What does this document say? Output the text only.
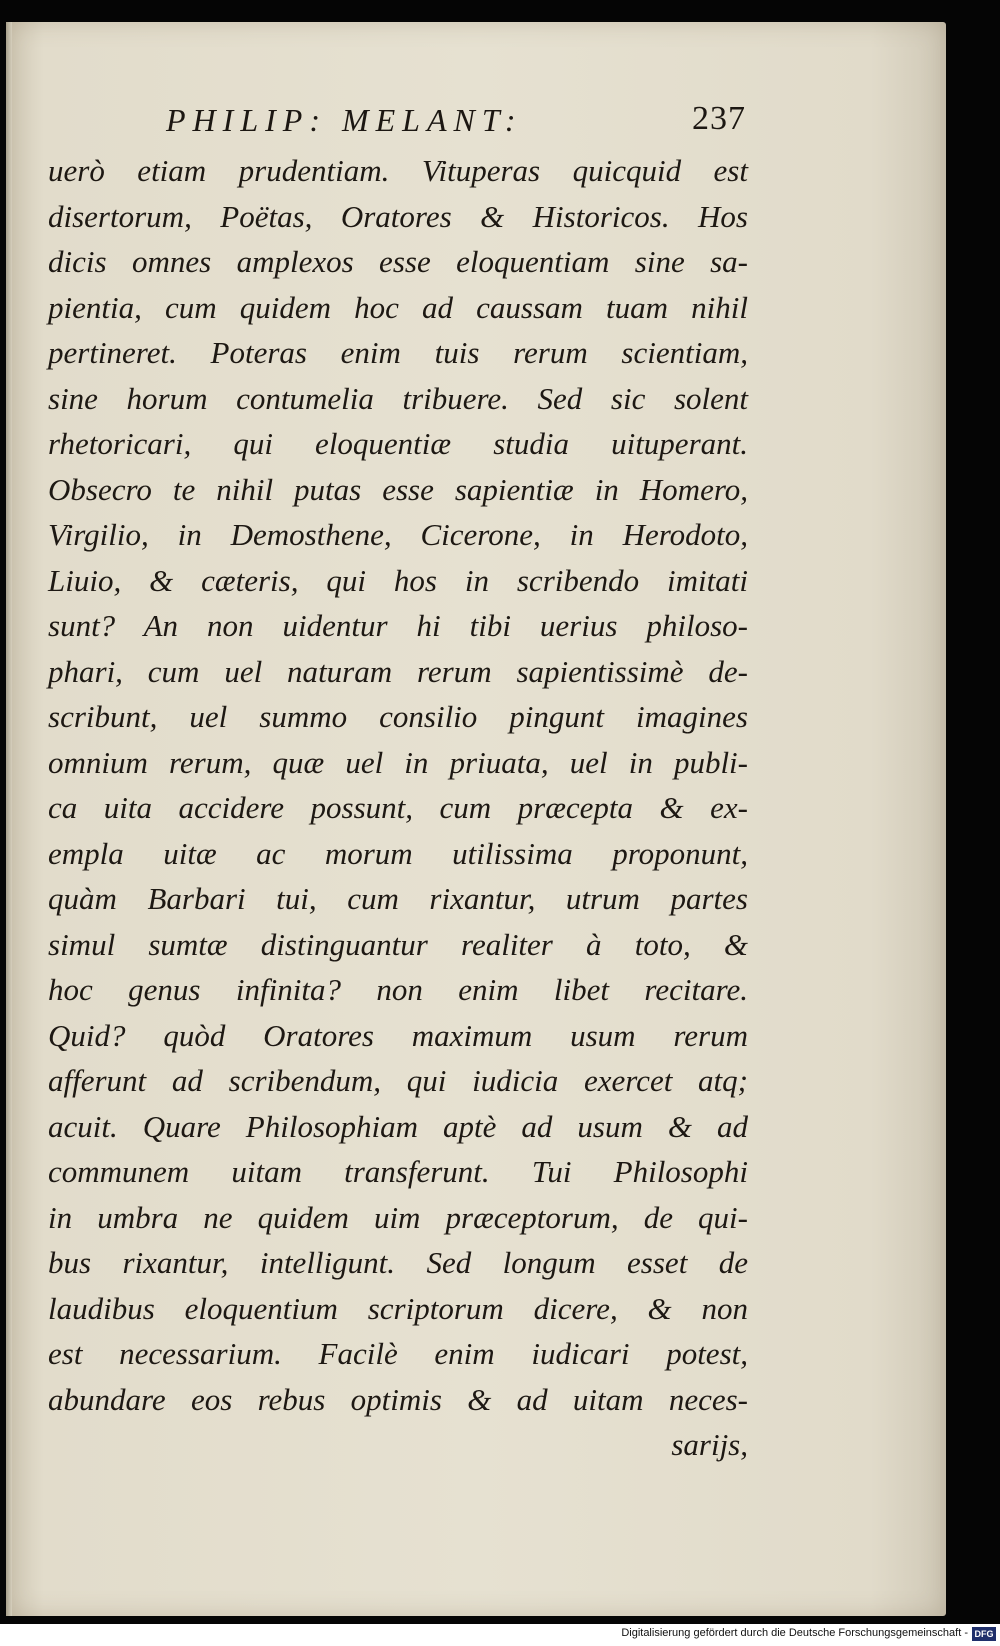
PHILIP: MELANT:	237
uerò etiam prudentiam. Vituperas quicquid est
disertorum, Poëtas, Oratores & Historicos. Hos
dicis omnes amplexos esse eloquentiam sine sa-
pientia, cum quidem hoc ad caussam tuam nihil
pertineret. Poteras enim tuis rerum scientiam,
sine horum contumelia tribuere. Sed sic solent
rhetoricari, qui eloquentiæ studia uituperant.
Obsecro te nihil putas esse sapientiæ in Homero,
Virgilio, in Demosthene, Cicerone, in Herodoto,
Liuio, & cæteris, qui hos in scribendo imitati
sunt? An non uidentur hi tibi uerius philoso-
phari, cum uel naturam rerum sapientissimè de-
scribunt, uel summo consilio pingunt imagines
omnium rerum, quæ uel in priuata, uel in publi-
ca uita accidere possunt, cum præcepta & ex-
empla uitæ ac morum utilissima proponunt,
quàm Barbari tui, cum rixantur, utrum partes
simul sumtæ distinguantur realiter à toto, &
hoc genus infinita? non enim libet recitare.
Quid? quòd Oratores maximum usum rerum
afferunt ad scribendum, qui iudicia exercet atq;
acuit. Quare Philosophiam aptè ad usum & ad
communem uitam transferunt. Tui Philosophi
in umbra ne quidem uim præceptorum, de qui-
bus rixantur, intelligunt. Sed longum esset de
laudibus eloquentium scriptorum dicere, & non
est necessarium. Facilè enim iudicari potest,
abundare eos rebus optimis & ad uitam neces-
sarijs,
Digitalisierung gefördert durch die Deutsche Forschungsgemeinschaft - DFG
